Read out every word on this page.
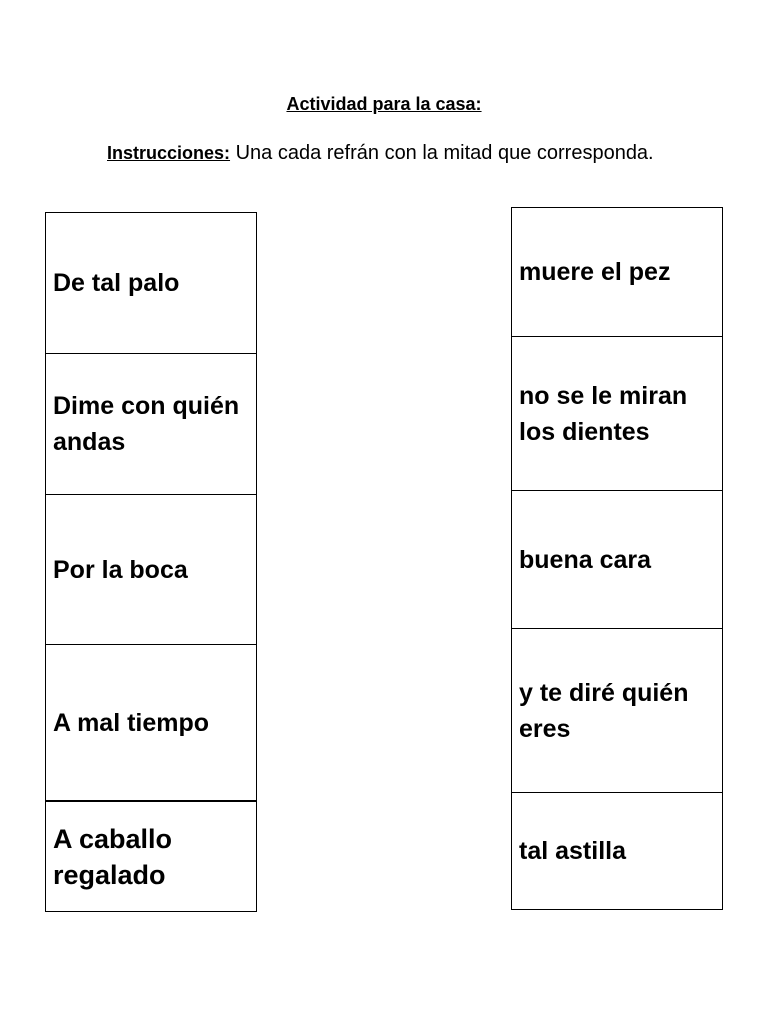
Actividad para la casa:
Instrucciones: Una cada refrán con la mitad que corresponda.
De tal palo
Dime con quién andas
Por la boca
A mal tiempo
A caballo regalado
muere el pez
no se le miran los dientes
buena cara
y te diré quién eres
tal astilla
